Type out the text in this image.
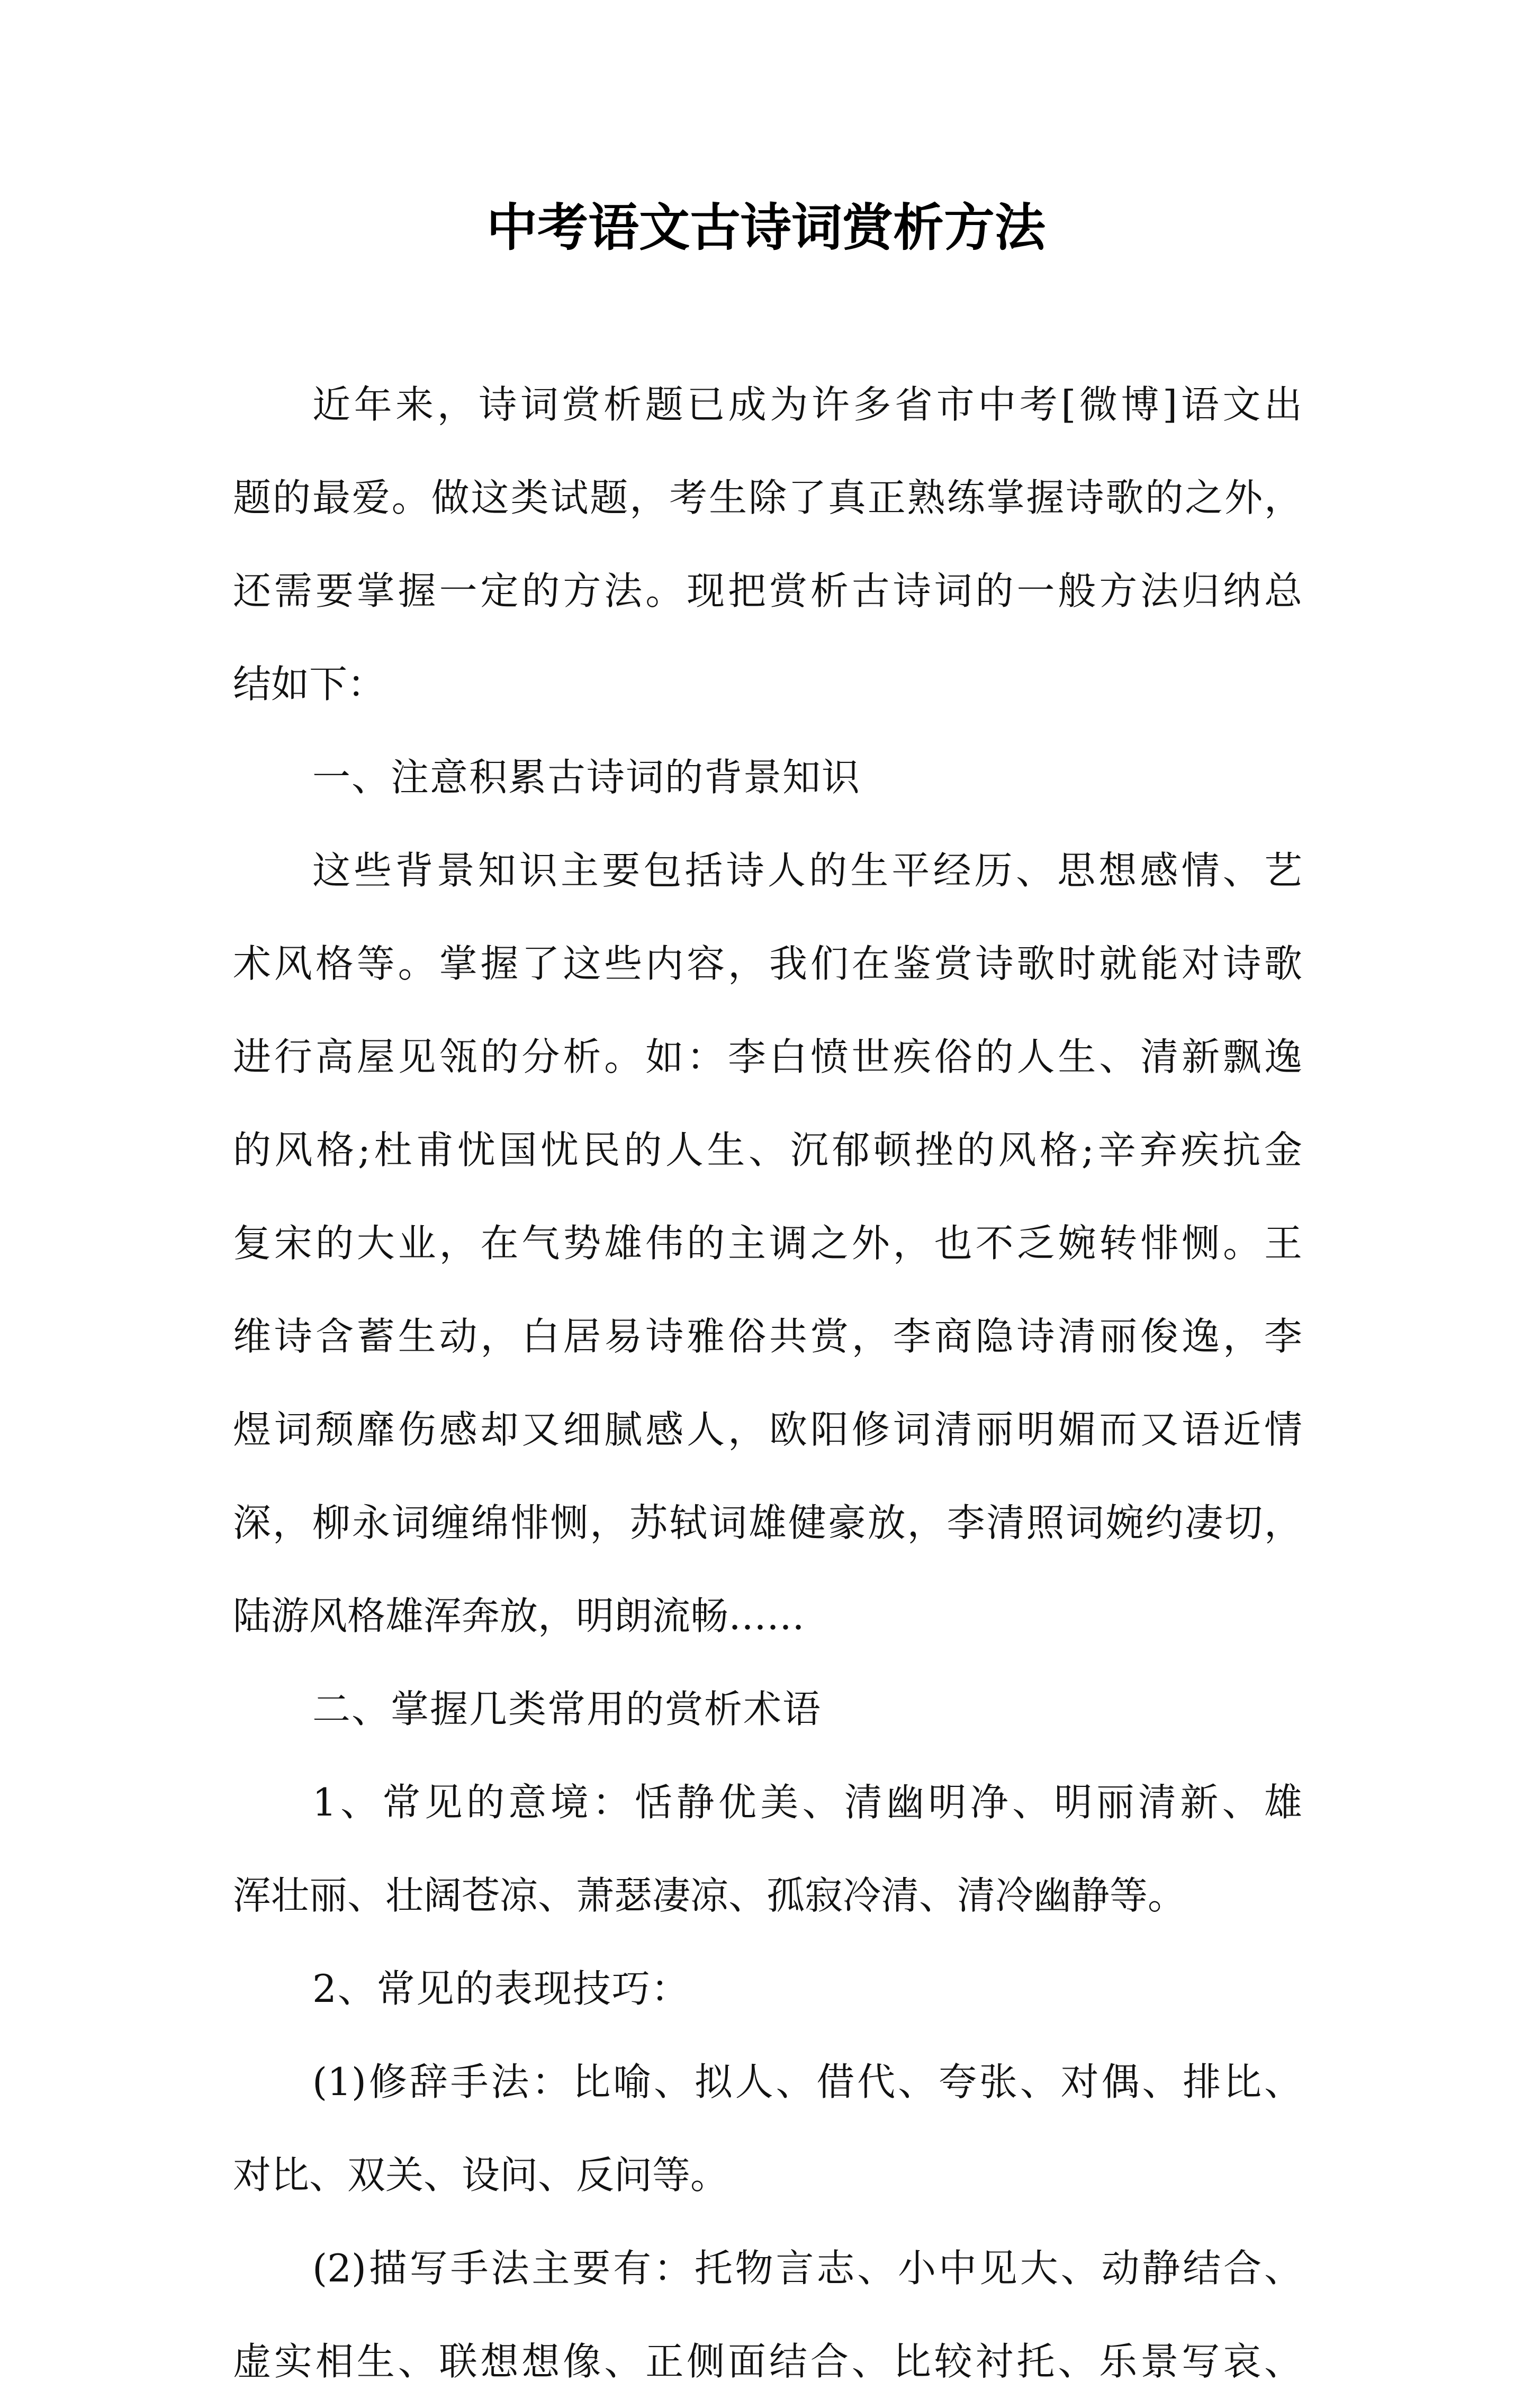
中考语文古诗词赏析方法
近年来，诗词赏析题已成为许多省市中考[微博]语文出
题的最爱。做这类试题，考生除了真正熟练掌握诗歌的之外，
还需要掌握一定的方法。现把赏析古诗词的一般方法归纳总
结如下：
一、注意积累古诗词的背景知识
这些背景知识主要包括诗人的生平经历、思想感情、艺
术风格等。掌握了这些内容，我们在鉴赏诗歌时就能对诗歌
进行高屋见瓴的分析。如：李白愤世疾俗的人生、清新飘逸
的风格;杜甫忧国忧民的人生、沉郁顿挫的风格;辛弃疾抗金
复宋的大业，在气势雄伟的主调之外，也不乏婉转悱恻。王
维诗含蓄生动，白居易诗雅俗共赏，李商隐诗清丽俊逸，李
煜词颓靡伤感却又细腻感人，欧阳修词清丽明媚而又语近情
深，柳永词缠绵悱恻，苏轼词雄健豪放，李清照词婉约凄切，
陆游风格雄浑奔放，明朗流畅……
二、掌握几类常用的赏析术语
1、常见的意境：恬静优美、清幽明净、明丽清新、雄
浑壮丽、壮阔苍凉、萧瑟凄凉、孤寂冷清、清冷幽静等。
2、常见的表现技巧：
(1)修辞手法：比喻、拟人、借代、夸张、对偶、排比、
对比、双关、设问、反问等。
(2)描写手法主要有：托物言志、小中见大、动静结合、
虚实相生、联想想像、正侧面结合、比较衬托、乐景写哀、
